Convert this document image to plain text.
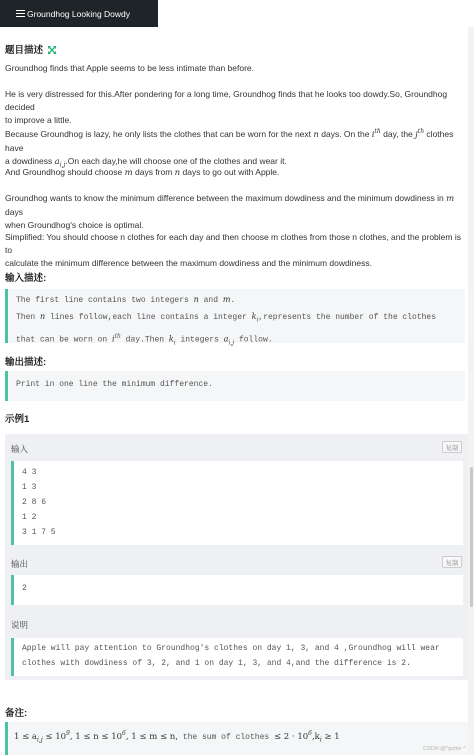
Groundhog Looking Dowdy
题目描述
Groundhog finds that Apple seems to be less intimate than before.
He is very distressed for this.After pondering for a long time, Groundhog finds that he looks too dowdy.So, Groundhog decided
to improve a little.
Because Groundhog is lazy, he only lists the clothes that can be worn for the next n days. On the $i^{th}$ day, the $j^{th}$ clothes have
a dowdiness $a_{i,j}.On$ each day,he will choose one of the clothes and wear it.
And Groundhog should choose m days from n days to go out with Apple.
Groundhog wants to know the minimum difference between the maximum dowdiness and the minimum dowdiness in m days
when Groundhog's choice is optimal.
Simplified: You should choose n clothes for each day and then choose m clothes from those n clothes, and the problem is to
calculate the minimum difference between the maximum dowdiness and the minimum dowdiness.
输入描述:
The first line contains two integers n and m.
Then n lines follow,each line contains a integer $k_i,represents$ the number of the clothes
that can be worn on $i^{th}$ day.Then $k_i$ integers $a_{i,j}$ follow.
输出描述:
Print in one line the minimum difference.
示例1
输入	复制
4 3
1 3
2 8 6
1 2
3 1 7 5
输出	复制
2
说明
Apple will pay attention to Groundhog's clothes on day 1, 3, and 4 ,Groundhog will wear
clothes with dowdiness of 3, 2, and 1 on day 1, 3, and 4,and the difference is 2.
备注:
$1 \le a_{i,j} \le 10^9$, $1 \le n \le 10^6$, 1 ≤ m ≤ n, the sum of clothes ≤ $2 \cdot 10^6,k_i \ge 1$
CSDN @^gziter ^
